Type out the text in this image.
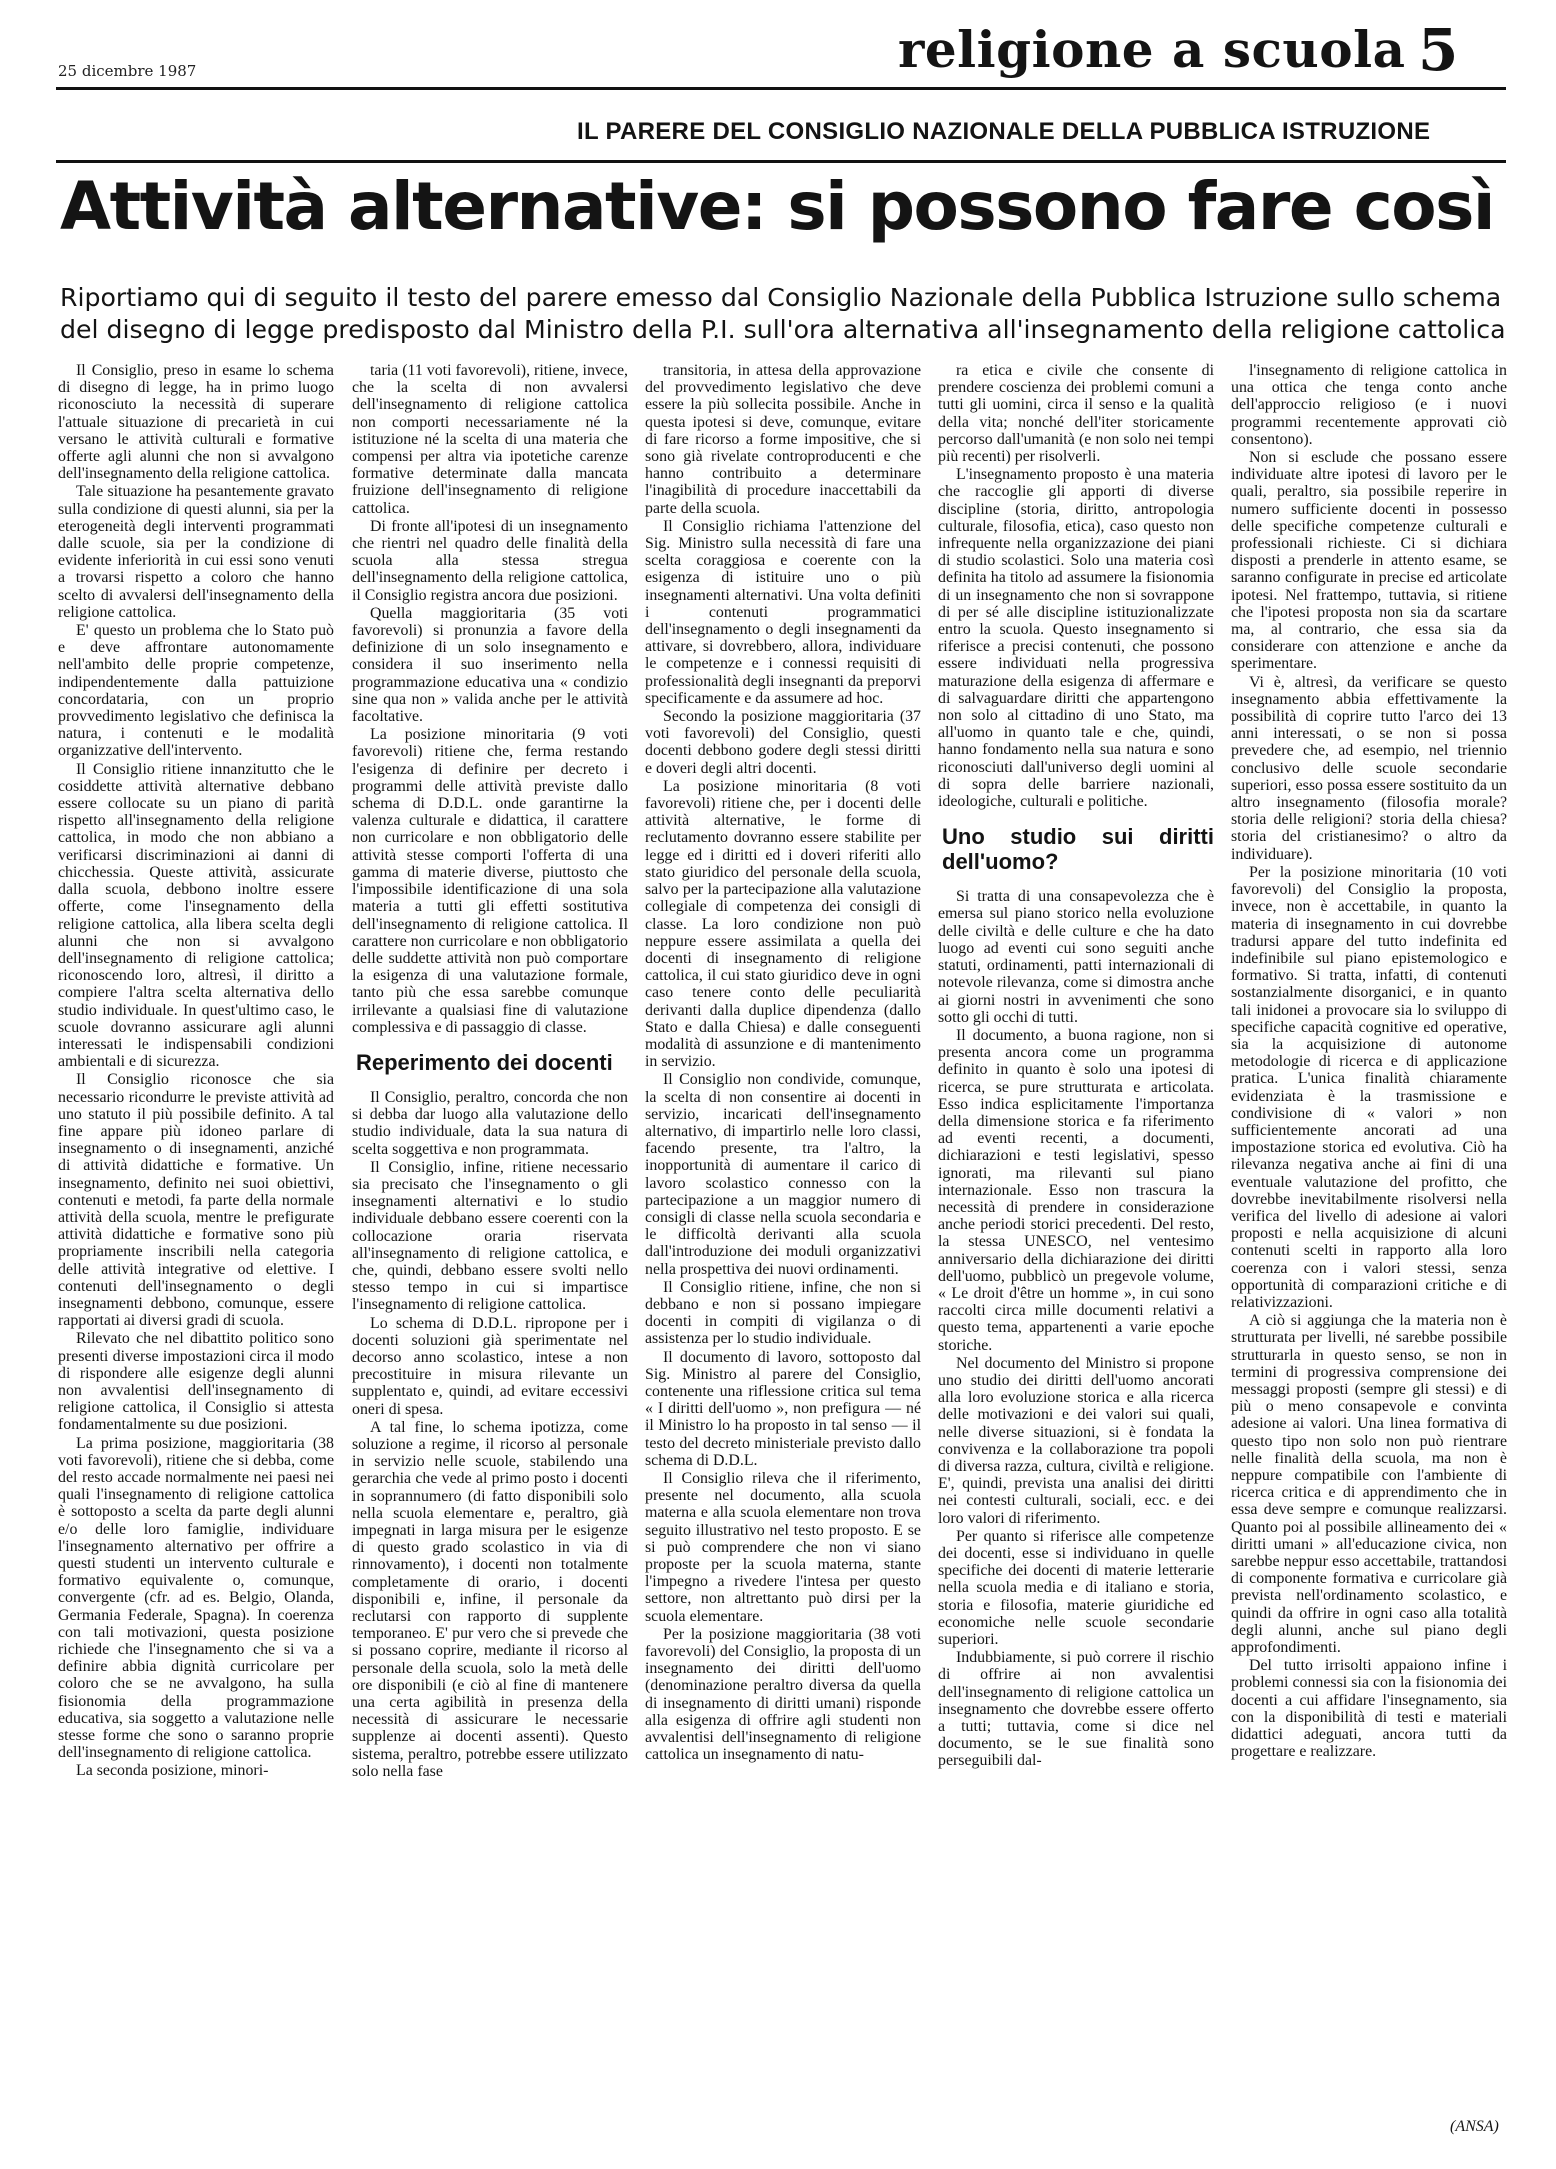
25 dicembre 1987	religione a scuola 5
IL PARERE DEL CONSIGLIO NAZIONALE DELLA PUBBLICA ISTRUZIONE
Attività alternative: si possono fare così
Riportiamo qui di seguito il testo del parere emesso dal Consiglio Nazionale della Pubblica Istruzione sullo schema
del disegno di legge predisposto dal Ministro della P.I. sull'ora alternativa all'insegnamento della religione cattolica

Il Consiglio, preso in esame lo schema di disegno di legge, ha in primo luogo riconosciuto la necessità di superare l'attuale situazione di precarietà in cui versano le attività culturali e formative offerte agli alunni che non si avvalgono dell'insegnamento della religione cattolica.

Tale situazione ha pesantemente gravato sulla condizione di questi alunni, sia per la eterogeneità degli interventi programmati dalle scuole, sia per la condizione di evidente inferiorità in cui essi sono venuti a trovarsi rispetto a coloro che hanno scelto di avvalersi dell'insegnamento della religione cattolica.

E' questo un problema che lo Stato può e deve affrontare autonomamente nell'ambito delle proprie competenze, indipendentemente dalla pattuizione concordataria, con un proprio provvedimento legislativo che definisca la natura, i contenuti e le modalità organizzative dell'intervento.

Il Consiglio ritiene innanzitutto che le cosiddette attività alternative debbano essere collocate su un piano di parità rispetto all'insegnamento della religione cattolica, in modo che non abbiano a verificarsi discriminazioni ai danni di chicchessia. Queste attività, assicurate dalla scuola, debbono inoltre essere offerte, come l'insegnamento della religione cattolica, alla libera scelta degli alunni che non si avvalgono dell'insegnamento di religione cattolica; riconoscendo loro, altresì, il diritto a compiere l'altra scelta alternativa dello studio individuale. In quest'ultimo caso, le scuole dovranno assicurare agli alunni interessati le indispensabili condizioni ambientali e di sicurezza.

Il Consiglio riconosce che sia necessario ricondurre le previste attività ad uno statuto il più possibile definito. A tal fine appare più idoneo parlare di insegnamento o di insegnamenti, anziché di attività didattiche e formative. Un insegnamento, definito nei suoi obiettivi, contenuti e metodi, fa parte della normale attività della scuola, mentre le prefigurate attività didattiche e formative sono più propriamente inscribili nella categoria delle attività integrative od elettive. I contenuti dell'insegnamento o degli insegnamenti debbono, comunque, essere rapportati ai diversi gradi di scuola.

Rilevato che nel dibattito politico sono presenti diverse impostazioni circa il modo di rispondere alle esigenze degli alunni non avvalentisi dell'insegnamento di religione cattolica, il Consiglio si attesta fondamentalmente su due posizioni.

La prima posizione, maggioritaria (38 voti favorevoli), ritiene che si debba, come del resto accade normalmente nei paesi nei quali l'insegnamento di religione cattolica è sottoposto a scelta da parte degli alunni e/o delle loro famiglie, individuare l'insegnamento alternativo per offrire a questi studenti un intervento culturale e formativo equivalente o, comunque, convergente (cfr. ad es. Belgio, Olanda, Germania Federale, Spagna). In coerenza con tali motivazioni, questa posizione richiede che l'insegnamento che si va a definire abbia dignità curricolare per coloro che se ne avvalgono, ha sulla fisionomia della programmazione educativa, sia soggetto a valutazione nelle stesse forme che sono o saranno proprie dell'insegnamento di religione cattolica.

La seconda posizione, minori-

taria (11 voti favorevoli), ritiene, invece, che la scelta di non avvalersi dell'insegnamento di religione cattolica non comporti necessariamente né la istituzione né la scelta di una materia che compensi per altra via ipotetiche carenze formative determinate dalla mancata fruizione dell'insegnamento di religione cattolica.

Di fronte all'ipotesi di un insegnamento che rientri nel quadro delle finalità della scuola alla stessa stregua dell'insegnamento della religione cattolica, il Consiglio registra ancora due posizioni.

Quella maggioritaria (35 voti favorevoli) si pronunzia a favore della definizione di un solo insegnamento e considera il suo inserimento nella programmazione educativa una « condizio sine qua non » valida anche per le attività facoltative.

La posizione minoritaria (9 voti favorevoli) ritiene che, ferma restando l'esigenza di definire per decreto i programmi delle attività previste dallo schema di D.D.L. onde garantirne la valenza culturale e didattica, il carattere non curricolare e non obbligatorio delle attività stesse comporti l'offerta di una gamma di materie diverse, piuttosto che l'impossibile identificazione di una sola materia a tutti gli effetti sostitutiva dell'insegnamento di religione cattolica. Il carattere non curricolare e non obbligatorio delle suddette attività non può comportare la esigenza di una valutazione formale, tanto più che essa sarebbe comunque irrilevante a qualsiasi fine di valutazione complessiva e di passaggio di classe.

Reperimento dei docenti

Il Consiglio, peraltro, concorda che non si debba dar luogo alla valutazione dello studio individuale, data la sua natura di scelta soggettiva e non programmata.

Il Consiglio, infine, ritiene necessario sia precisato che l'insegnamento o gli insegnamenti alternativi e lo studio individuale debbano essere coerenti con la collocazione oraria riservata all'insegnamento di religione cattolica, e che, quindi, debbano essere svolti nello stesso tempo in cui si impartisce l'insegnamento di religione cattolica.

Lo schema di D.D.L. ripropone per i docenti soluzioni già sperimentate nel decorso anno scolastico, intese a non precostituire in misura rilevante un supplentato e, quindi, ad evitare eccessivi oneri di spesa.

A tal fine, lo schema ipotizza, come soluzione a regime, il ricorso al personale in servizio nelle scuole, stabilendo una gerarchia che vede al primo posto i docenti in soprannumero (di fatto disponibili solo nella scuola elementare e, peraltro, già impegnati in larga misura per le esigenze di questo grado scolastico in via di rinnovamento), i docenti non totalmente completamente di orario, i docenti disponibili e, infine, il personale da reclutarsi con rapporto di supplente temporaneo. E' pur vero che si prevede che si possano coprire, mediante il ricorso al personale della scuola, solo la metà delle ore disponibili (e ciò al fine di mantenere una certa agibilità in presenza della necessità di assicurare le necessarie supplenze ai docenti assenti). Questo sistema, peraltro, potrebbe essere utilizzato solo nella fase

transitoria, in attesa della approvazione del provvedimento legislativo che deve essere la più sollecita possibile. Anche in questa ipotesi si deve, comunque, evitare di fare ricorso a forme impositive, che si sono già rivelate controproducenti e che hanno contribuito a determinare l'inagibilità di procedure inaccettabili da parte della scuola.

Il Consiglio richiama l'attenzione del Sig. Ministro sulla necessità di fare una scelta coraggiosa e coerente con la esigenza di istituire uno o più insegnamenti alternativi. Una volta definiti i contenuti programmatici dell'insegnamento o degli insegnamenti da attivare, si dovrebbero, allora, individuare le competenze e i connessi requisiti di professionalità degli insegnanti da preporvi specificamente e da assumere ad hoc.

Secondo la posizione maggioritaria (37 voti favorevoli) del Consiglio, questi docenti debbono godere degli stessi diritti e doveri degli altri docenti.

La posizione minoritaria (8 voti favorevoli) ritiene che, per i docenti delle attività alternative, le forme di reclutamento dovranno essere stabilite per legge ed i diritti ed i doveri riferiti allo stato giuridico del personale della scuola, salvo per la partecipazione alla valutazione collegiale di competenza dei consigli di classe. La loro condizione non può neppure essere assimilata a quella dei docenti di insegnamento di religione cattolica, il cui stato giuridico deve in ogni caso tenere conto delle peculiarità derivanti dalla duplice dipendenza (dallo Stato e dalla Chiesa) e dalle conseguenti modalità di assunzione e di mantenimento in servizio.

Il Consiglio non condivide, comunque, la scelta di non consentire ai docenti in servizio, incaricati dell'insegnamento alternativo, di impartirlo nelle loro classi, facendo presente, tra l'altro, la inopportunità di aumentare il carico di lavoro scolastico connesso con la partecipazione a un maggior numero di consigli di classe nella scuola secondaria e le difficoltà derivanti alla scuola dall'introduzione dei moduli organizzativi nella prospettiva dei nuovi ordinamenti.

Il Consiglio ritiene, infine, che non si debbano e non si possano impiegare docenti in compiti di vigilanza o di assistenza per lo studio individuale.

Il documento di lavoro, sottoposto dal Sig. Ministro al parere del Consiglio, contenente una riflessione critica sul tema « I diritti dell'uomo », non prefigura — né il Ministro lo ha proposto in tal senso — il testo del decreto ministeriale previsto dallo schema di D.D.L.

Il Consiglio rileva che il riferimento, presente nel documento, alla scuola materna e alla scuola elementare non trova seguito illustrativo nel testo proposto. E se si può comprendere che non vi siano proposte per la scuola materna, stante l'impegno a rivedere l'intesa per questo settore, non altrettanto può dirsi per la scuola elementare.

Per la posizione maggioritaria (38 voti favorevoli) del Consiglio, la proposta di un insegnamento dei diritti dell'uomo (denominazione peraltro diversa da quella di insegnamento di diritti umani) risponde alla esigenza di offrire agli studenti non avvalentisi dell'insegnamento di religione cattolica un insegnamento di natu-

ra etica e civile che consente di prendere coscienza dei problemi comuni a tutti gli uomini, circa il senso e la qualità della vita; nonché dell'iter storicamente percorso dall'umanità (e non solo nei tempi più recenti) per risolverli.

L'insegnamento proposto è una materia che raccoglie gli apporti di diverse discipline (storia, diritto, antropologia culturale, filosofia, etica), caso questo non infrequente nella organizzazione dei piani di studio scolastici. Solo una materia così definita ha titolo ad assumere la fisionomia di un insegnamento che non si sovrappone di per sé alle discipline istituzionalizzate entro la scuola. Questo insegnamento si riferisce a precisi contenuti, che possono essere individuati nella progressiva maturazione della esigenza di affermare e di salvaguardare diritti che appartengono non solo al cittadino di uno Stato, ma all'uomo in quanto tale e che, quindi, hanno fondamento nella sua natura e sono riconosciuti dall'universo degli uomini al di sopra delle barriere nazionali, ideologiche, culturali e politiche.

Uno studio sui diritti dell'uomo?

Si tratta di una consapevolezza che è emersa sul piano storico nella evoluzione delle civiltà e delle culture e che ha dato luogo ad eventi cui sono seguiti anche statuti, ordinamenti, patti internazionali di notevole rilevanza, come si dimostra anche ai giorni nostri in avvenimenti che sono sotto gli occhi di tutti.

Il documento, a buona ragione, non si presenta ancora come un programma definito in quanto è solo una ipotesi di ricerca, se pure strutturata e articolata. Esso indica esplicitamente l'importanza della dimensione storica e fa riferimento ad eventi recenti, a documenti, dichiarazioni e testi legislativi, spesso ignorati, ma rilevanti sul piano internazionale. Esso non trascura la necessità di prendere in considerazione anche periodi storici precedenti. Del resto, la stessa UNESCO, nel ventesimo anniversario della dichiarazione dei diritti dell'uomo, pubblicò un pregevole volume, « Le droit d'être un homme », in cui sono raccolti circa mille documenti relativi a questo tema, appartenenti a varie epoche storiche.

Nel documento del Ministro si propone uno studio dei diritti dell'uomo ancorati alla loro evoluzione storica e alla ricerca delle motivazioni e dei valori sui quali, nelle diverse situazioni, si è fondata la convivenza e la collaborazione tra popoli di diversa razza, cultura, civiltà e religione. E', quindi, prevista una analisi dei diritti nei contesti culturali, sociali, ecc. e dei loro valori di riferimento.

Per quanto si riferisce alle competenze dei docenti, esse si individuano in quelle specifiche dei docenti di materie letterarie nella scuola media e di italiano e storia, storia e filosofia, materie giuridiche ed economiche nelle scuole secondarie superiori.

Indubbiamente, si può correre il rischio di offrire ai non avvalentisi dell'insegnamento di religione cattolica un insegnamento che dovrebbe essere offerto a tutti; tuttavia, come si dice nel documento, se le sue finalità sono perseguibili dal-

l'insegnamento di religione cattolica in una ottica che tenga conto anche dell'approccio religioso (e i nuovi programmi recentemente approvati ciò consentono).

Non si esclude che possano essere individuate altre ipotesi di lavoro per le quali, peraltro, sia possibile reperire in numero sufficiente docenti in possesso delle specifiche competenze culturali e professionali richieste. Ci si dichiara disposti a prenderle in attento esame, se saranno configurate in precise ed articolate ipotesi. Nel frattempo, tuttavia, si ritiene che l'ipotesi proposta non sia da scartare ma, al contrario, che essa sia da considerare con attenzione e anche da sperimentare.

Vi è, altresì, da verificare se questo insegnamento abbia effettivamente la possibilità di coprire tutto l'arco dei 13 anni interessati, o se non si possa prevedere che, ad esempio, nel triennio conclusivo delle scuole secondarie superiori, esso possa essere sostituito da un altro insegnamento (filosofia morale? storia delle religioni? storia della chiesa? storia del cristianesimo? o altro da individuare).

Per la posizione minoritaria (10 voti favorevoli) del Consiglio la proposta, invece, non è accettabile, in quanto la materia di insegnamento in cui dovrebbe tradursi appare del tutto indefinita ed indefinibile sul piano epistemologico e formativo. Si tratta, infatti, di contenuti sostanzialmente disorganici, e in quanto tali inidonei a provocare sia lo sviluppo di specifiche capacità cognitive ed operative, sia la acquisizione di autonome metodologie di ricerca e di applicazione pratica. L'unica finalità chiaramente evidenziata è la trasmissione e condivisione di « valori » non sufficientemente ancorati ad una impostazione storica ed evolutiva. Ciò ha rilevanza negativa anche ai fini di una eventuale valutazione del profitto, che dovrebbe inevitabilmente risolversi nella verifica del livello di adesione ai valori proposti e nella acquisizione di alcuni contenuti scelti in rapporto alla loro coerenza con i valori stessi, senza opportunità di comparazioni critiche e di relativizzazioni.

A ciò si aggiunga che la materia non è strutturata per livelli, né sarebbe possibile strutturarla in questo senso, se non in termini di progressiva comprensione dei messaggi proposti (sempre gli stessi) e di più o meno consapevole e convinta adesione ai valori. Una linea formativa di questo tipo non solo non può rientrare nelle finalità della scuola, ma non è neppure compatibile con l'ambiente di ricerca critica e di apprendimento che in essa deve sempre e comunque realizzarsi. Quanto poi al possibile allineamento dei « diritti umani » all'educazione civica, non sarebbe neppur esso accettabile, trattandosi di componente formativa e curricolare già prevista nell'ordinamento scolastico, e quindi da offrire in ogni caso alla totalità degli alunni, anche sul piano degli approfondimenti.

Del tutto irrisolti appaiono infine i problemi connessi sia con la fisionomia dei docenti a cui affidare l'insegnamento, sia con la disponibilità di testi e materiali didattici adeguati, ancora tutti da progettare e realizzare.

(ANSA)
